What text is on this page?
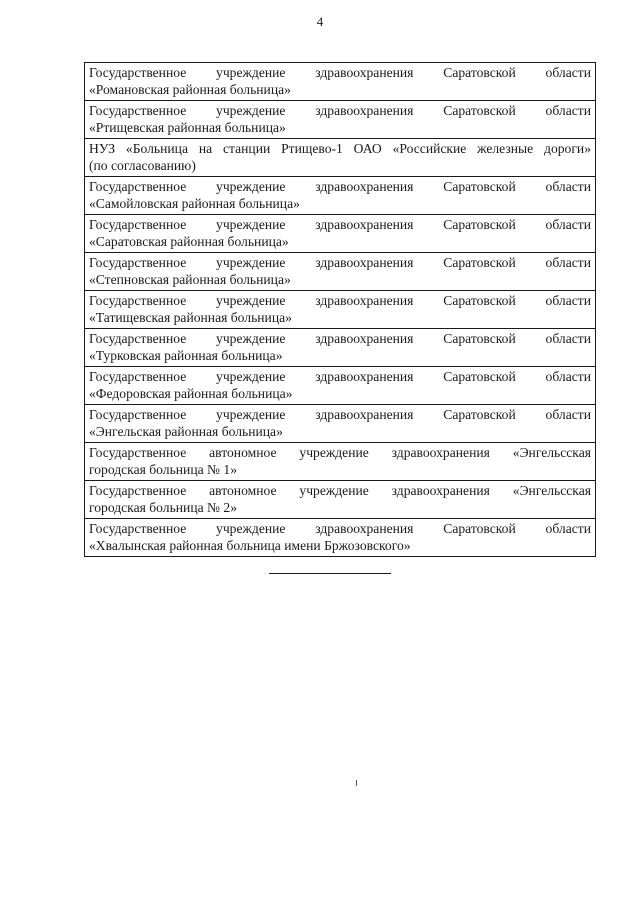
4
Государственное учреждение здравоохранения Саратовской области
«Романовская районная больница»
Государственное учреждение здравоохранения Саратовской области
«Ртищевская районная больница»
НУЗ «Больница на станции Ртищево-1 ОАО «Российские железные дороги»
(по согласованию)
Государственное учреждение здравоохранения Саратовской области
«Самойловская районная больница»
Государственное учреждение здравоохранения Саратовской области
«Саратовская районная больница»
Государственное учреждение здравоохранения Саратовской области
«Степновская районная больница»
Государственное учреждение здравоохранения Саратовской области
«Татищевская районная больница»
Государственное учреждение здравоохранения Саратовской области
«Турковская районная больница»
Государственное учреждение здравоохранения Саратовской области
«Федоровская районная больница»
Государственное учреждение здравоохранения Саратовской области
«Энгельская районная больница»
Государственное автономное учреждение здравоохранения «Энгельсская
городская больница № 1»
Государственное автономное учреждение здравоохранения «Энгельсская
городская больница № 2»
Государственное учреждение здравоохранения Саратовской области
«Хвалынская районная больница имени Бржозовского»
